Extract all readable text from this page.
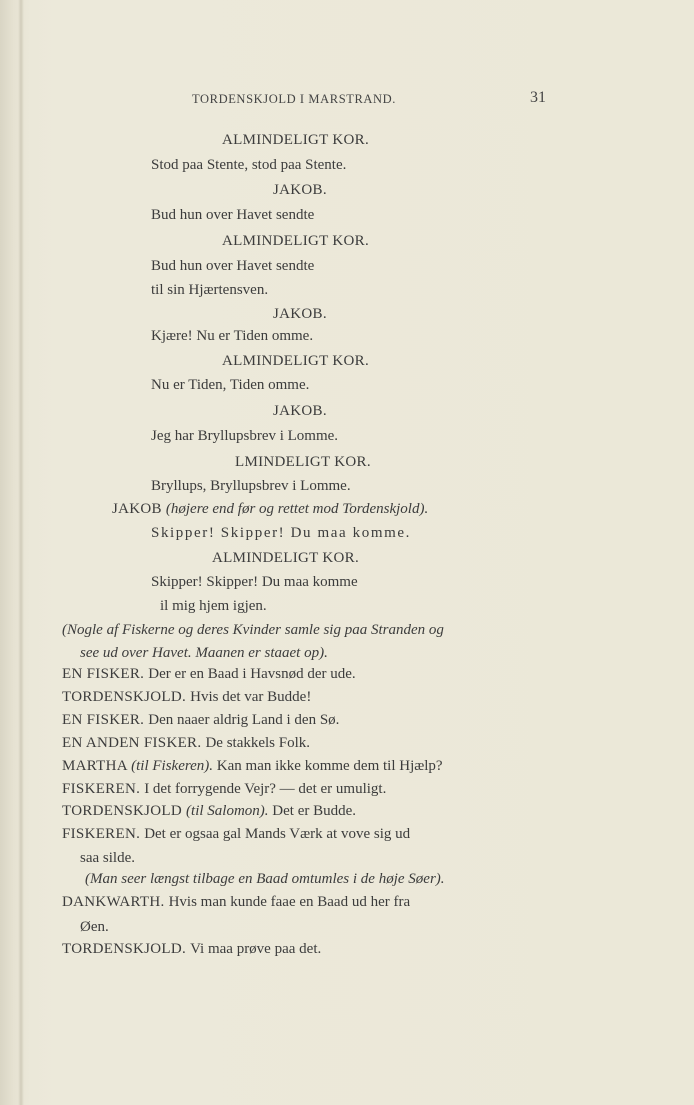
TORDENSKJOLD I MARSTRAND.	31
ALMINDELIGT KOR.
Stod paa Stente, stod paa Stente.
JAKOB.
Bud hun over Havet sendte
ALMINDELIGT KOR.
Bud hun over Havet sendte
til sin Hjærtensven.
JAKOB.
Kjære! Nu er Tiden omme.
ALMINDELIGT KOR.
Nu er Tiden, Tiden omme.
JAKOB.
Jeg har Bryllupsbrev i Lomme.
LMINDELIGT KOR.
Bryllups, Bryllupsbrev i Lomme.
JAKOB (højere end før og rettet mod Tordenskjold).
Skipper! Skipper! Du maa komme.
ALMINDELIGT KOR.
Skipper! Skipper! Du maa komme
il mig hjem igjen.
(Nogle af Fiskerne og deres Kvinder samle sig paa Stranden og
see ud over Havet. Maanen er staaet op).
EN FISKER. Der er en Baad i Havsnød der ude.
TORDENSKJOLD. Hvis det var Budde!
EN FISKER. Den naaer aldrig Land i den Sø.
EN ANDEN FISKER. De stakkels Folk.
MARTHA (til Fiskeren). Kan man ikke komme dem til Hjælp?
FISKEREN. I det forrygende Vejr? — det er umuligt.
TORDENSKJOLD (til Salomon). Det er Budde.
FISKEREN. Det er ogsaa gal Mands Værk at vove sig ud
saa silde.
(Man seer længst tilbage en Baad omtumles i de høje Søer).
DANKWARTH. Hvis man kunde faae en Baad ud her fra
Øen.
TORDENSKJOLD. Vi maa prøve paa det.
